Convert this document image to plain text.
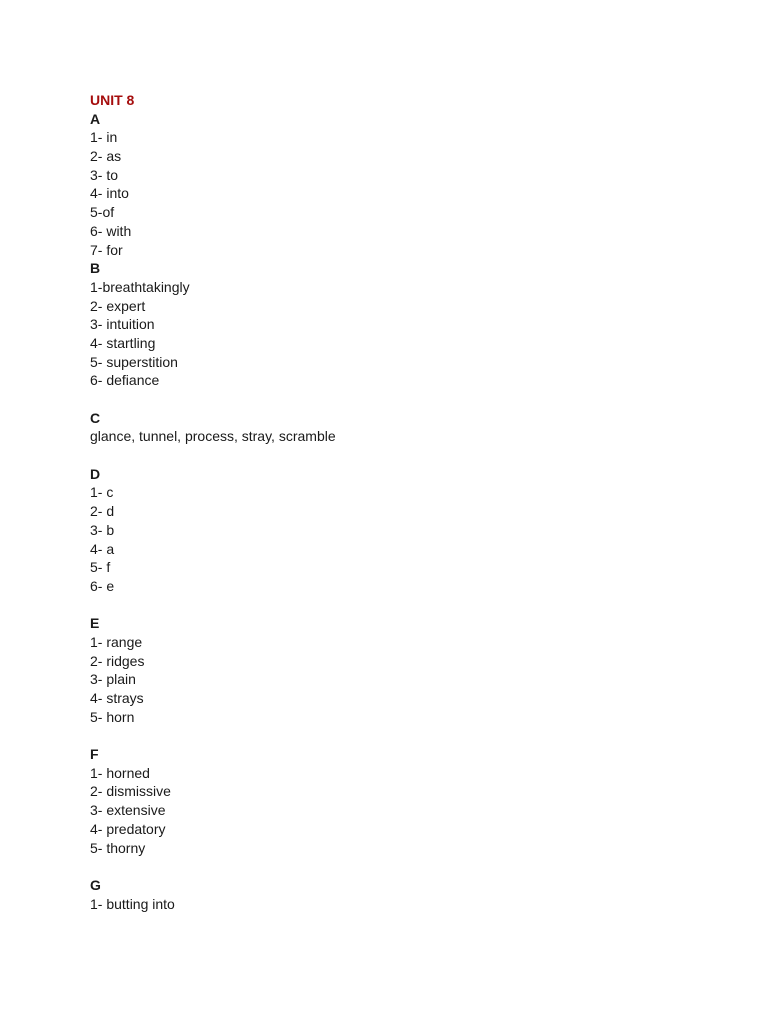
UNIT 8
A
1- in
2- as
3- to
4- into
5-of
6- with
7- for
B
1-breathtakingly
2- expert
3- intuition
4- startling
5- superstition
6- defiance
C
glance, tunnel, process, stray, scramble
D
1- c
2- d
3- b
4- a
5- f
6- e
E
1- range
2- ridges
3- plain
4- strays
5- horn
F
1- horned
2- dismissive
3- extensive
4- predatory
5- thorny
G
1- butting into
